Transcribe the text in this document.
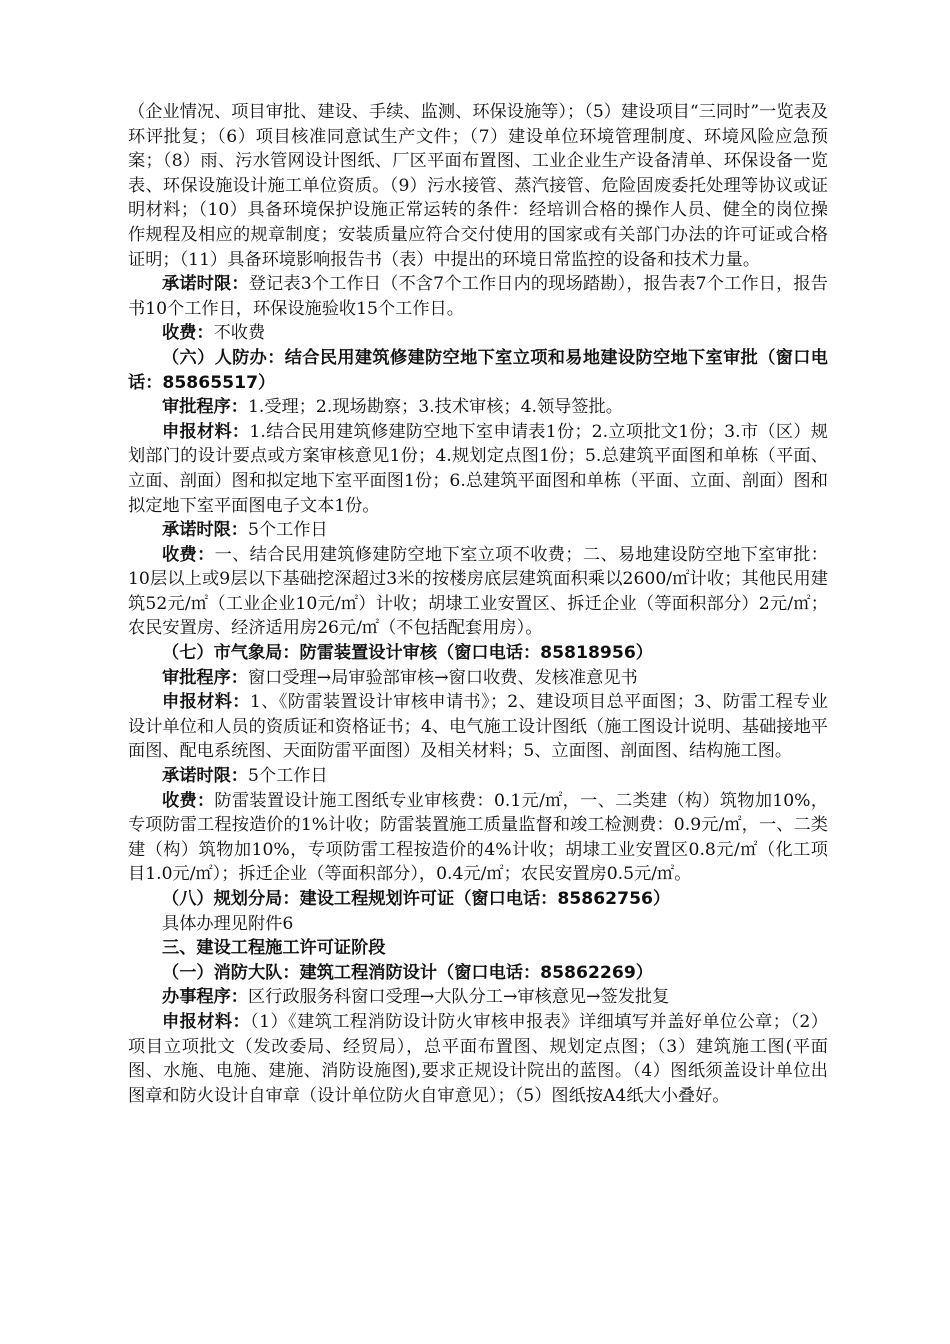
（企业情况、项目审批、建设、手续、监测、环保设施等）；（5）建设项目“三同时”一览表及环评批复；（6）项目核准同意试生产文件；（7）建设单位环境管理制度、环境风险应急预案；（8）雨、污水管网设计图纸、厂区平面布置图、工业企业生产设备清单、环保设备一览表、环保设施设计施工单位资质。（9）污水接管、蒸汽接管、危险固废委托处理等协议或证明材料；（10）具备环境保护设施正常运转的条件：经培训合格的操作人员、健全的岗位操作规程及相应的规章制度；安装质量应符合交付使用的国家或有关部门办法的许可证或合格证明；（11）具备环境影响报告书（表）中提出的环境日常监控的设备和技术力量。

承诺时限：登记表3个工作日（不含7个工作日内的现场踏勘），报告表7个工作日，报告书10个工作日，环保设施验收15个工作日。

收费：不收费

（六）人防办：结合民用建筑修建防空地下室立项和易地建设防空地下室审批（窗口电话：85865517）

审批程序：1.受理；2.现场勘察；3.技术审核；4.领导签批。

申报材料：1.结合民用建筑修建防空地下室申请表1份；2.立项批文1份；3.市（区）规划部门的设计要点或方案审核意见1份；4.规划定点图1份；5.总建筑平面图和单栋（平面、立面、剖面）图和拟定地下室平面图1份；6.总建筑平面图和单栋（平面、立面、剖面）图和拟定地下室平面图电子文本1份。

承诺时限：5个工作日

收费：一、结合民用建筑修建防空地下室立项不收费；二、易地建设防空地下室审批：10层以上或9层以下基础挖深超过3米的按楼房底层建筑面积乘以2600/㎡计收；其他民用建筑52元/㎡（工业企业10元/㎡）计收；胡埭工业安置区、拆迁企业（等面积部分）2元/㎡；农民安置房、经济适用房26元/㎡（不包括配套用房）。

（七）市气象局：防雷装置设计审核（窗口电话：85818956）

审批程序：窗口受理→局审验部审核→窗口收费、发核准意见书

申报材料：1、《防雷装置设计审核申请书》；2、建设项目总平面图；3、防雷工程专业设计单位和人员的资质证和资格证书；4、电气施工设计图纸（施工图设计说明、基础接地平面图、配电系统图、天面防雷平面图）及相关材料；5、立面图、剖面图、结构施工图。

承诺时限：5个工作日

收费：防雷装置设计施工图纸专业审核费：0.1元/㎡，一、二类建（构）筑物加10%，专项防雷工程按造价的1%计收；防雷装置施工质量监督和竣工检测费：0.9元/㎡，一、二类建（构）筑物加10%，专项防雷工程按造价的4%计收；胡埭工业安置区0.8元/㎡（化工项目1.0元/㎡）；拆迁企业（等面积部分），0.4元/㎡；农民安置房0.5元/㎡。

（八）规划分局：建设工程规划许可证（窗口电话：85862756）

具体办理见附件6

三、建设工程施工许可证阶段

（一）消防大队：建筑工程消防设计（窗口电话：85862269）

办事程序：区行政服务科窗口受理→大队分工→审核意见→签发批复

申报材料：（1）《建筑工程消防设计防火审核申报表》详细填写并盖好单位公章；（2）项目立项批文（发改委局、经贸局），总平面布置图、规划定点图；（3）建筑施工图(平面图、水施、电施、建施、消防设施图),要求正规设计院出的蓝图。（4）图纸须盖设计单位出图章和防火设计自审章（设计单位防火自审意见）；（5）图纸按A4纸大小叠好。
